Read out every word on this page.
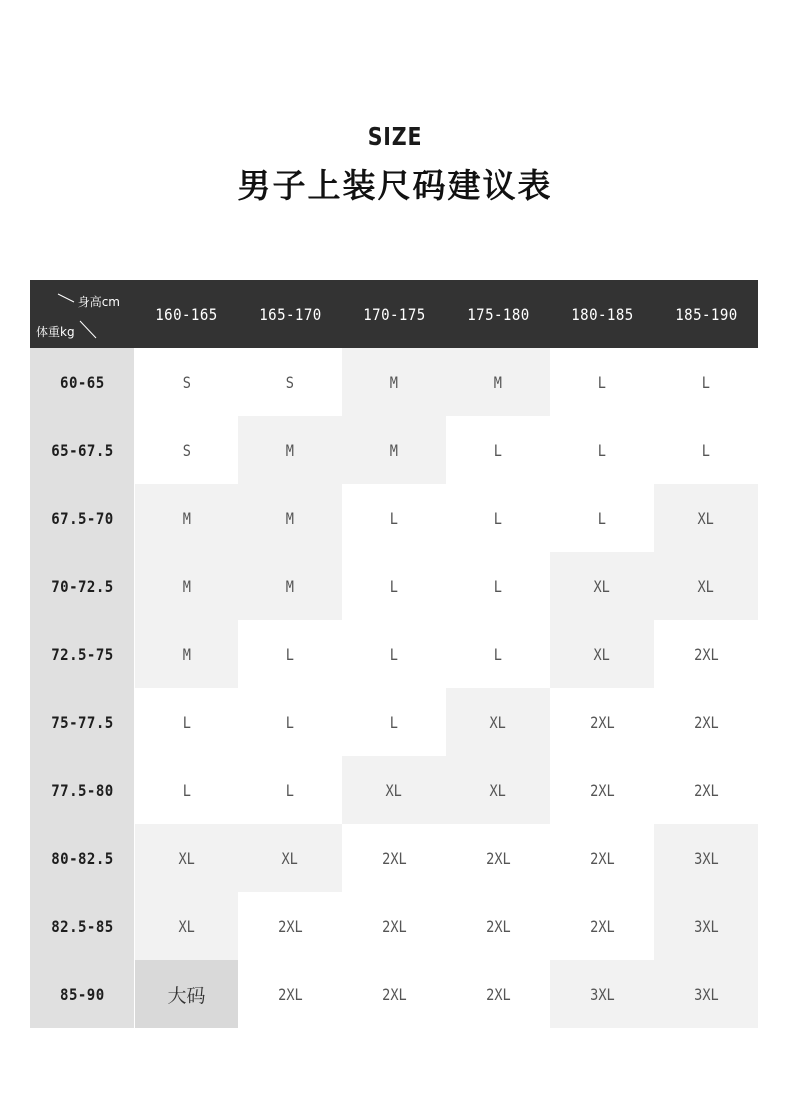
SIZE
男子上装尺码建议表
身高cm
体重kg
160-165	165-170	170-175	175-180	180-185	185-190
60-65	S	S	M	M	L	L
65-67.5	S	M	M	L	L	L
67.5-70	M	M	L	L	L	XL
70-72.5	M	M	L	L	XL	XL
72.5-75	M	L	L	L	XL	2XL
75-77.5	L	L	L	XL	2XL	2XL
77.5-80	L	L	XL	XL	2XL	2XL
80-82.5	XL	XL	2XL	2XL	2XL	3XL
82.5-85	XL	2XL	2XL	2XL	2XL	3XL
85-90	大码	2XL	2XL	2XL	3XL	3XL
